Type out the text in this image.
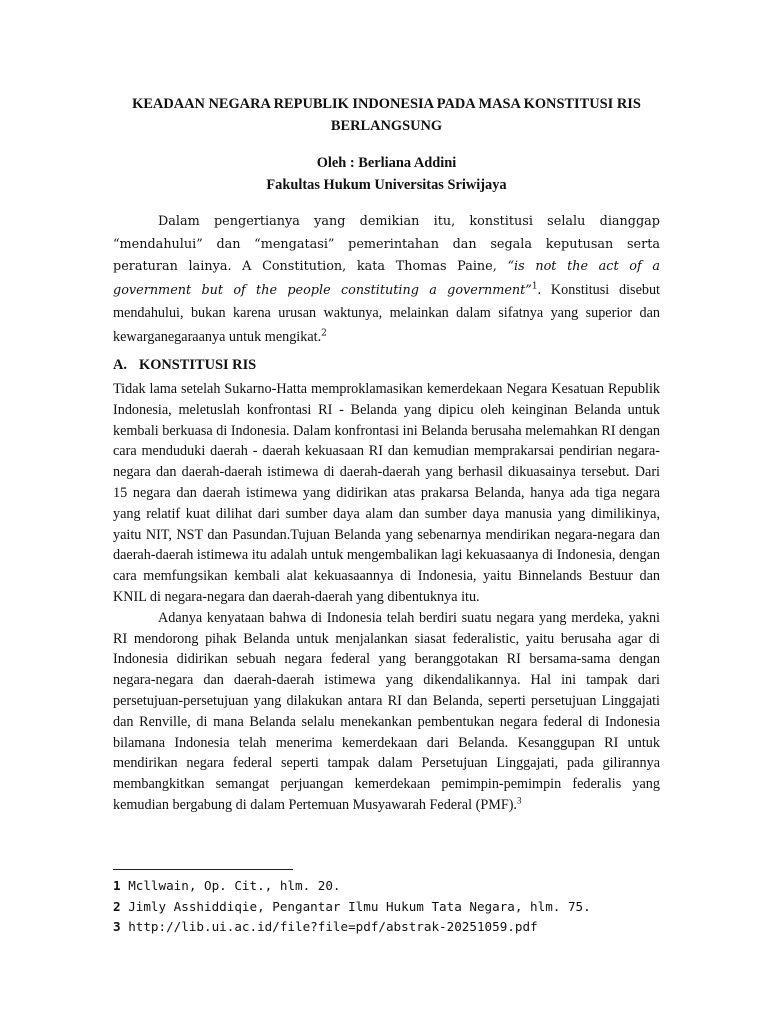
KEADAAN NEGARA REPUBLIK INDONESIA PADA MASA KONSTITUSI RIS BERLANGSUNG
Oleh : Berliana Addini
Fakultas Hukum Universitas Sriwijaya
Dalam pengertianya yang demikian itu, konstitusi selalu dianggap “mendahului” dan “mengatasi” pemerintahan dan segala keputusan serta peraturan lainya. A Constitution, kata Thomas Paine, “is not the act of a government but of the people constituting a government”$^1$. Konstitusi disebut mendahului, bukan karena urusan waktunya, melainkan dalam sifatnya yang superior dan kewarganegaraanya untuk mengikat.$^2$
A. KONSTITUSI RIS

Tidak lama setelah Sukarno-Hatta memproklamasikan kemerdekaan Negara Kesatuan Republik Indonesia, meletuslah konfrontasi RI - Belanda yang dipicu oleh keinginan Belanda untuk kembali berkuasa di Indonesia. Dalam konfrontasi ini Belanda berusaha melemahkan RI dengan cara menduduki daerah - daerah kekuasaan RI dan kemudian memprakarsai pendirian negara-negara dan daerah-daerah istimewa di daerah-daerah yang berhasil dikuasainya tersebut. Dari 15 negara dan daerah istimewa yang didirikan atas prakarsa Belanda, hanya ada tiga negara yang relatif kuat dilihat dari sumber daya alam dan sumber daya manusia yang dimilikinya, yaitu NIT, NST dan Pasundan.Tujuan Belanda yang sebenarnya mendirikan negara-negara dan daerah-daerah istimewa itu adalah untuk mengembalikan lagi kekuasaanya di Indonesia, dengan cara memfungsikan kembali alat kekuasaannya di Indonesia, yaitu Binnelands Bestuur dan KNIL di negara-negara dan daerah-daerah yang dibentuknya itu.

Adanya kenyataan bahwa di Indonesia telah berdiri suatu negara yang merdeka, yakni RI mendorong pihak Belanda untuk menjalankan siasat federalistic, yaitu berusaha agar di Indonesia didirikan sebuah negara federal yang beranggotakan RI bersama-sama dengan negara-negara dan daerah-daerah istimewa yang dikendalikannya. Hal ini tampak dari persetujuan-persetujuan yang dilakukan antara RI dan Belanda, seperti persetujuan Linggajati dan Renville, di mana Belanda selalu menekankan pembentukan negara federal di Indonesia bilamana Indonesia telah menerima kemerdekaan dari Belanda. Kesanggupan RI untuk mendirikan negara federal seperti tampak dalam Persetujuan Linggajati, pada gilirannya membangkitkan semangat perjuangan kemerdekaan pemimpin-pemimpin federalis yang kemudian bergabung di dalam Pertemuan Musyawarah Federal (PMF).$^3$

1 Mcllwain, Op. Cit., hlm. 20.
2 Jimly Asshiddiqie, Pengantar Ilmu Hukum Tata Negara, hlm. 75.
3 http://lib.ui.ac.id/file?file=pdf/abstrak-20251059.pdf
